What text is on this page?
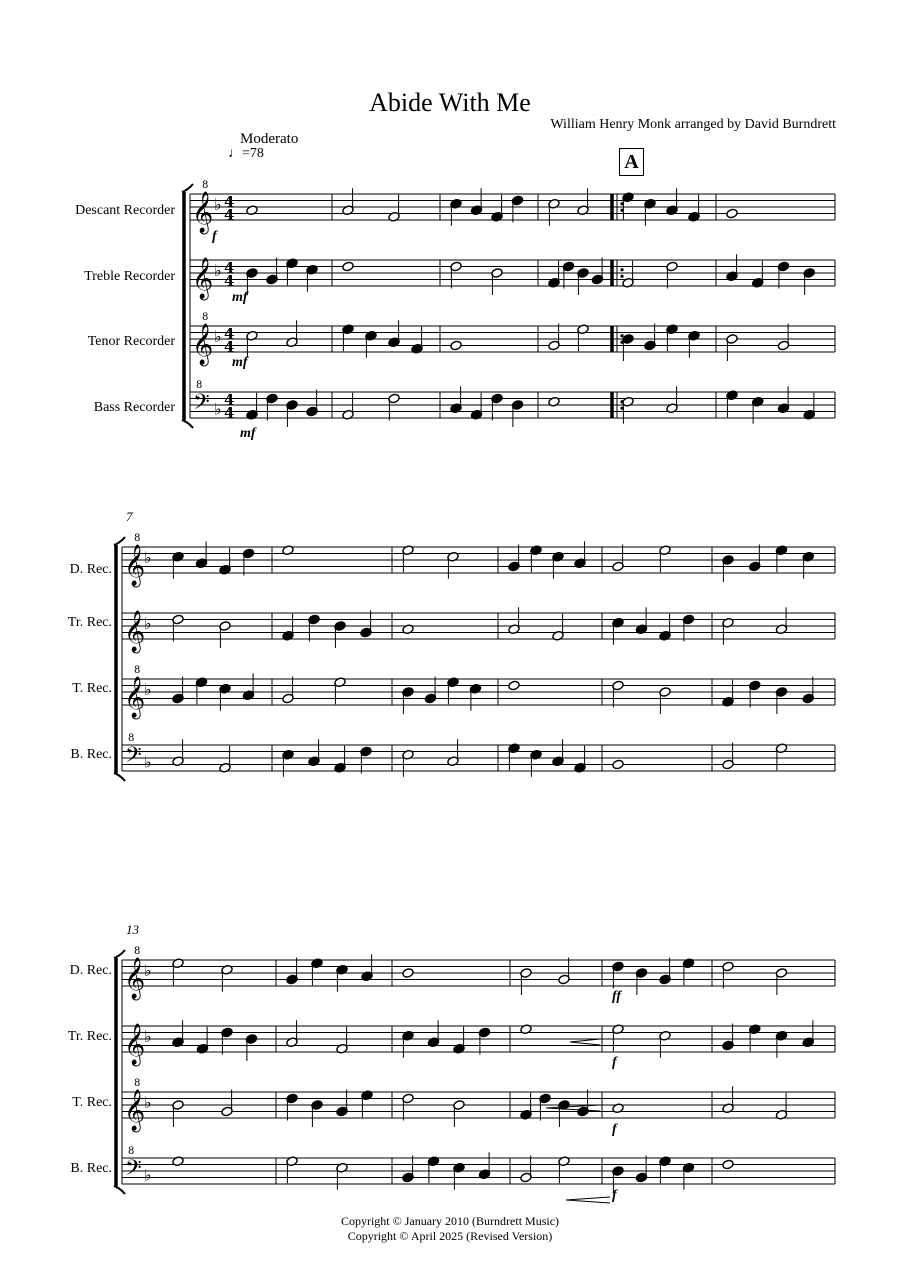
Abide With Me
William Henry Monk arranged by David Burndrett
Moderato
♩=78	A
Descant Recorder
Treble Recorder
Tenor Recorder
Bass Recorder
D. Rec.
Tr. Rec.
T. Rec.
B. Rec.
D. Rec.
Tr. Rec.
T. Rec.
B. Rec.
7
13
f
mf
mf
mf
ff
f
f
f
Copyright © January 2010 (Burndrett Music)
Copyright © April 2025 (Revised Version)
𝄞
8
♭ 4
4
𝄞 ♭ 4
4
𝄞
8
♭ 4
4
𝄢
8
♭ 4
4
𝄞
8
♭
𝄞
♭
𝄞
8
♭
𝄢
8
♭
𝄞
8
♭
𝄞
♭
𝄞
8
♭
𝄢
8
♭
